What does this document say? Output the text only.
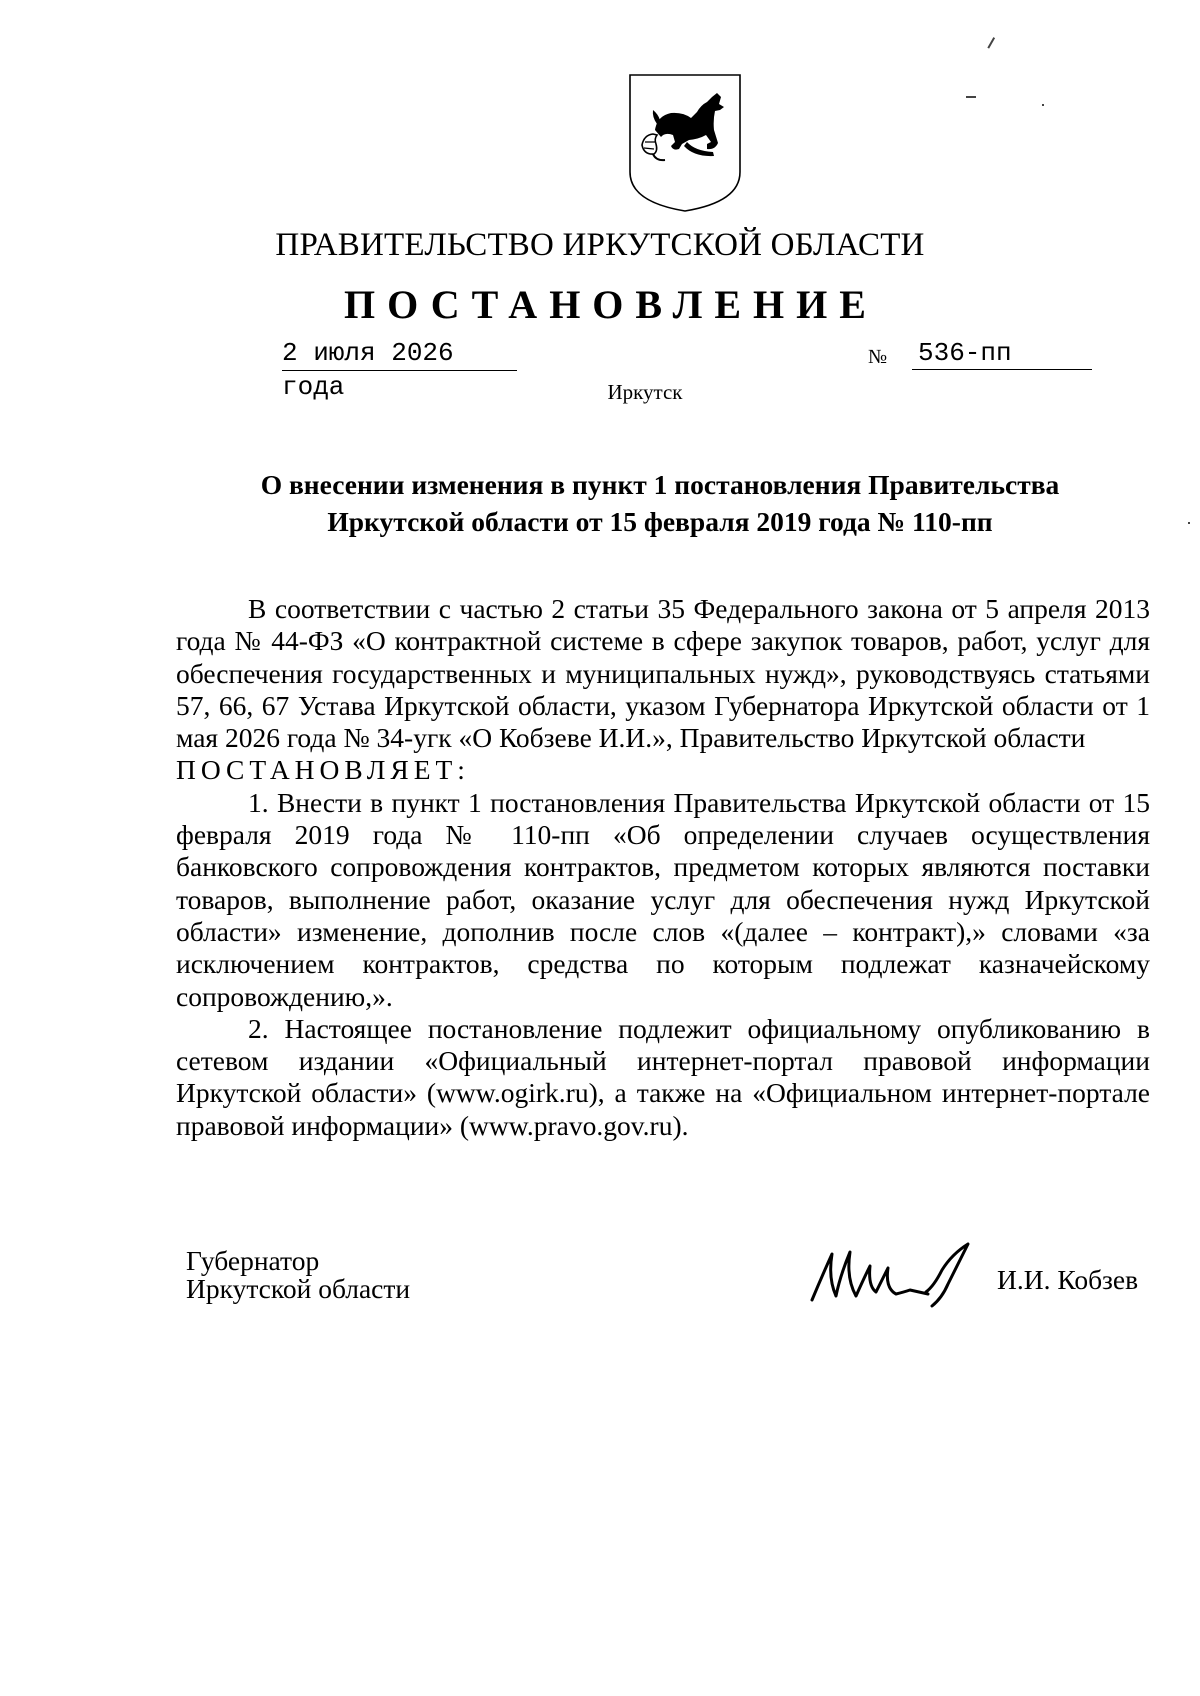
ПРАВИТЕЛЬСТВО ИРКУТСКОЙ ОБЛАСТИ
ПОСТАНОВЛЕНИЕ
2 июля 2026 года
№ 536-пп
Иркутск
О внесении изменения в пункт 1 постановления Правительства
Иркутской области от 15 февраля 2019 года № 110-пп

В соответствии с частью 2 статьи 35 Федерального закона от 5 апреля 2013 года № 44-ФЗ «О контрактной системе в сфере закупок товаров, работ, услуг для обеспечения государственных и муниципальных нужд», руководствуясь статьями 57, 66, 67 Устава Иркутской области, указом Губернатора Иркутской области от 1 мая 2026 года № 34-угк «О Кобзеве И.И.», Правительство Иркутской области

ПОСТАНОВЛЯЕТ:

1. Внести в пункт 1 постановления Правительства Иркутской области от 15 февраля 2019 года № 110-пп «Об определении случаев осуществления банковского сопровождения контрактов, предметом которых являются поставки товаров, выполнение работ, оказание услуг для обеспечения нужд Иркутской области» изменение, дополнив после слов «(далее – контракт),» словами «за исключением контрактов, средства по которым подлежат казначейскому сопровождению,».

2. Настоящее постановление подлежит официальному опубликованию в сетевом издании «Официальный интернет-портал правовой информации Иркутской области» (www.ogirk.ru), а также на «Официальном интернет-портале правовой информации» (www.pravo.gov.ru).

Губернатор
Иркутской области	И.И. Кобзев
